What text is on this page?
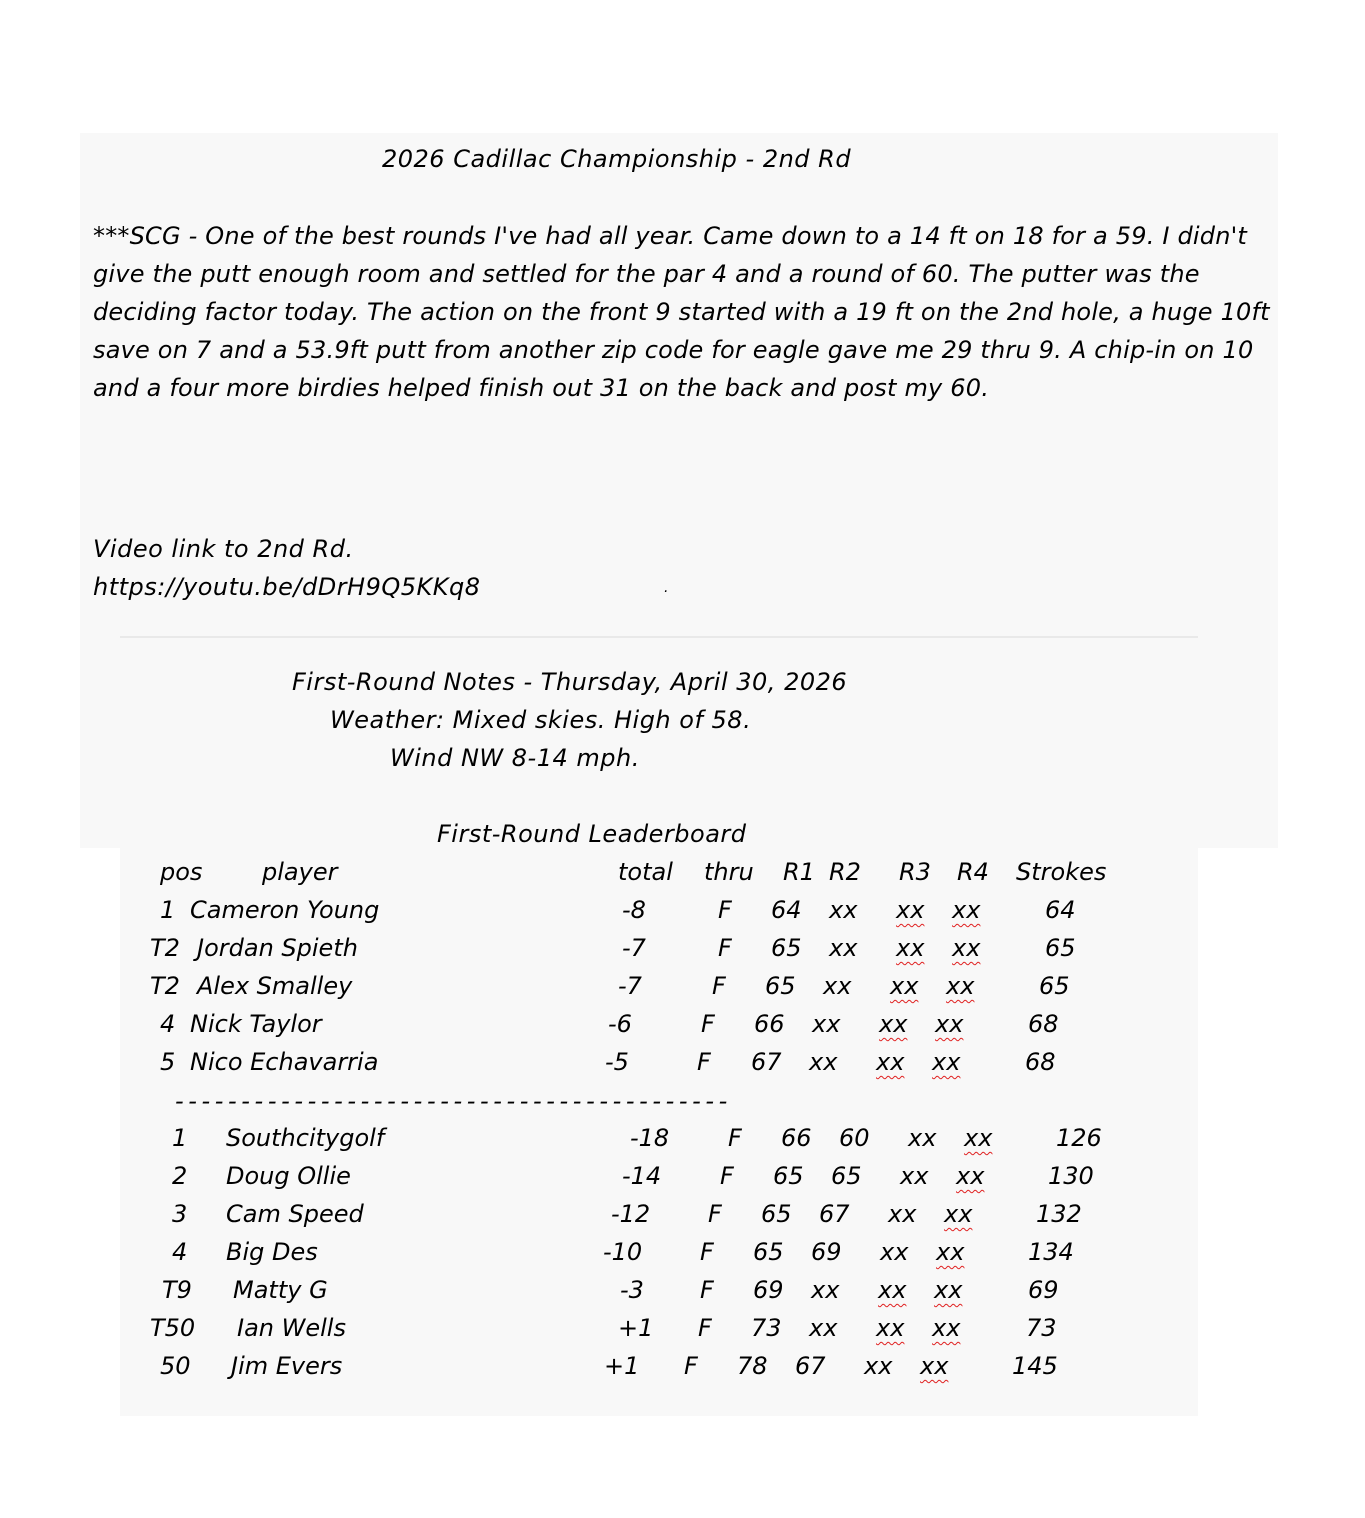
2026 Cadillac Championship - 2nd Rd
***SCG - One of the best rounds I've had all year. Came down to a 14 ft on 18 for a 59. I didn't give the putt enough room and settled for the par 4 and a round of 60. The putter was the deciding factor today. The action on the front 9 started with a 19 ft on the 2nd hole, a huge 10ft save on 7 and a 53.9ft putt from another zip code for eagle gave me 29 thru 9. A chip-in on 10 and a four more birdies helped finish out 31 on the back and post my 60.
Video link to 2nd Rd.
https://youtu.be/dDrH9Q5KKq8	.
First-Round Notes - Thursday, April 30, 2026
Weather: Mixed skies. High of 58.
Wind NW 8-14 mph.
First-Round Leaderboard
pos player	total thru R1 R2 R3 R4 Strokes
1 Cameron Young	-8	F 64 xx xx xx	64
T2 Jordan Spieth	-7	F 65 xx xx xx	65
T2 Alex Smalley	-7	F 65 xx xx xx	65
4 Nick Taylor	-6	F 66 xx xx xx	68
5 Nico Echavarria	-5	F 67 xx xx xx	68
------------------------------------------
1 Southcitygolf	-18 F 66 60 xx xx	126
2 Doug Ollie	-14 F 65 65 xx xx	130
3 Cam Speed	-12 F 65 67 xx xx	132
4 Big Des	-10 F 65 69 xx xx	134
T9 Matty G	-3 F 69 xx xx xx	69
T50 Ian Wells	+1 F 73 xx xx xx	73
50 Jim Evers	+1 F 78 67 xx xx	145
